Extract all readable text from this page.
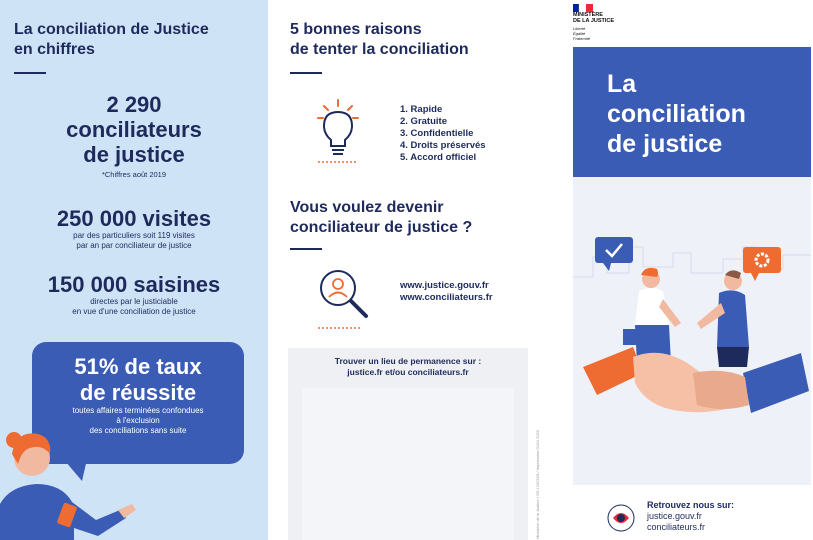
La conciliation de Justice
en chiffres
2 290
conciliateurs
de justice
*Chiffres août 2019
250 000 visites
par des particuliers soit 119 visites
par an par conciliateur de justice
150 000 saisines
directes par le justiciable
en vue d'une conciliation de justice
51% de taux
de réussite
toutes affaires terminées confondues
à l'exclusion
des conciliations sans suite
5 bonnes raisons
de tenter la conciliation
1. Rapide
2. Gratuite
3. Confidentielle
4. Droits préservés
5. Accord officiel
Vous voulez devenir
conciliateur de justice ?
www.justice.gouv.fr
www.conciliateurs.fr
Trouver un lieu de permanence sur :
justice.fr et/ou conciliateurs.fr
Ministère de la Justice / SG / DICOM / Impression CIAN 2020
MINISTÈRE
DE LA JUSTICE
Liberté
Égalité
Fraternité
La
conciliation
de justice
Retrouvez nous sur:
justice.gouv.fr
conciliateurs.fr
